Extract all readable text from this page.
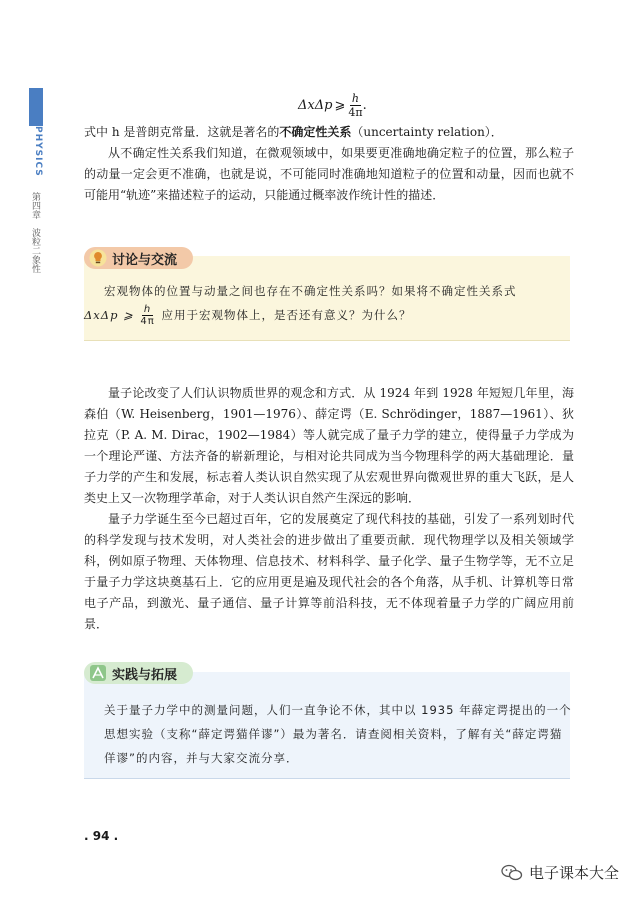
PHYSICS
第四章　波粒二象性
ΔxΔp ⩾ $\frac{h}{4\pi}$ .

式中 h 是普朗克常量．这就是著名的不确定性关系（uncertainty relation）．

从不确定性关系我们知道，在微观领域中，如果要更准确地确定粒子的位置，那么粒子的动量一定会更不准确，也就是说，不可能同时准确地知道粒子的位置和动量，因而也就不可能用“轨迹”来描述粒子的运动，只能通过概率波作统计性的描述．

讨论与交流

宏观物体的位置与动量之间也存在不确定性关系吗？如果将不确定性关系式
ΔxΔp ⩾ $\frac{h}{4\pi}$ 应用于宏观物体上，是否还有意义？为什么？

量子论改变了人们认识物质世界的观念和方式．从 1924 年到 1928 年短短几年里，海森伯（W. Heisenberg，1901—1976）、薛定谔（E. Schrödinger，1887—1961）、狄拉克（P. A. M. Dirac，1902—1984）等人就完成了量子力学的建立，使得量子力学成为一个理论严谨、方法齐备的崭新理论，与相对论共同成为当今物理科学的两大基础理论．量子力学的产生和发展，标志着人类认识自然实现了从宏观世界向微观世界的重大飞跃，是人类史上又一次物理学革命，对于人类认识自然产生深远的影响．

量子力学诞生至今已超过百年，它的发展奠定了现代科技的基础，引发了一系列划时代的科学发现与技术发明，对人类社会的进步做出了重要贡献．现代物理学以及相关领域学科，例如原子物理、天体物理、信息技术、材料科学、量子化学、量子生物学等，无不立足于量子力学这块奠基石上．它的应用更是遍及现代社会的各个角落，从手机、计算机等日常电子产品，到激光、量子通信、量子计算等前沿科技，无不体现着量子力学的广阔应用前景．

实践与拓展

关于量子力学中的测量问题，人们一直争论不休，其中以 1935 年薛定谔提出的一个思想实验（支称“薛定谔猫佯谬”）最为著名．请查阅相关资料，了解有关“薛定谔猫佯谬”的内容，并与大家交流分享．

. 94 .
电子课本大全
